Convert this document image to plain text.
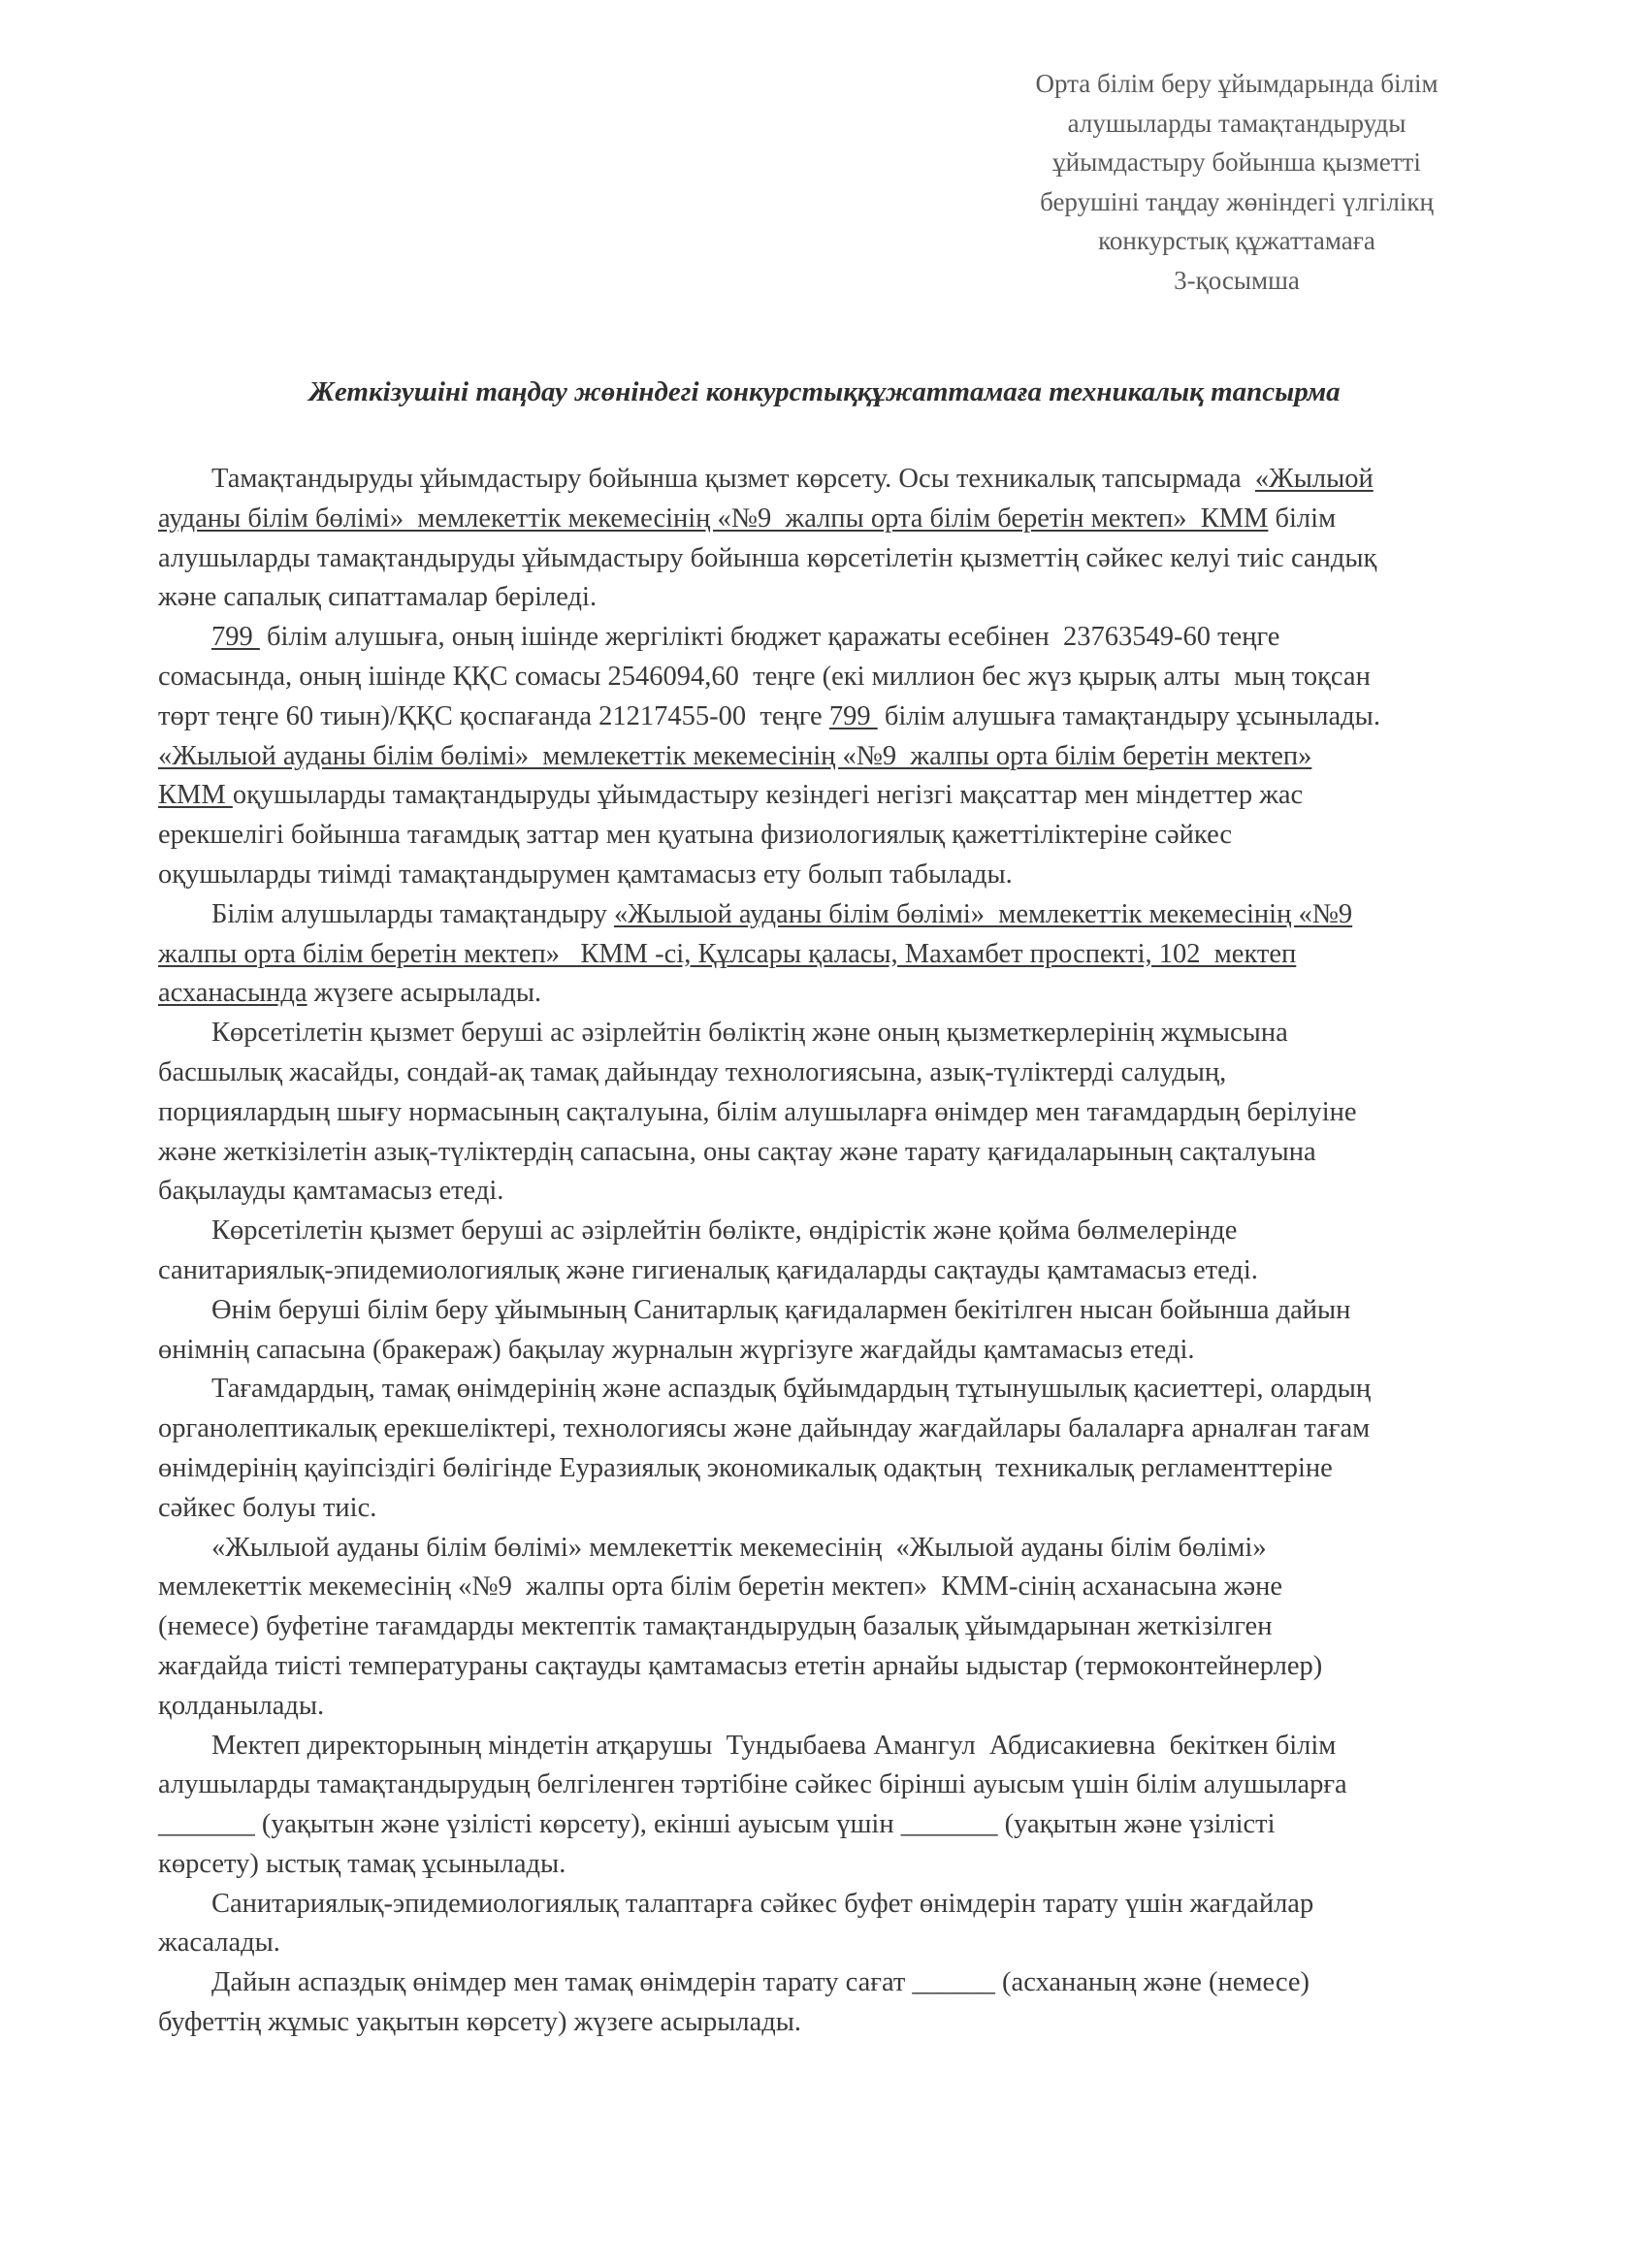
Орта білім беру ұйымдарында білім
алушыларды тамақтандыруды
ұйымдастыру бойынша қызметті
берушіні таңдау жөніндегі үлгілікң
конкурстық құжаттамаға
3-қосымша
Жеткізушіні таңдау жөніндегі конкурстыққұжаттамаға техникалық тапсырма
Тамақтандыруды ұйымдастыру бойынша қызмет көрсету. Осы техникалық тапсырмада  «Жылыой
ауданы білім бөлімі»  мемлекеттік мекемесінің «№9  жалпы орта білім беретін мектеп»  КММ білім
алушыларды тамақтандыруды ұйымдастыру бойынша көрсетілетін қызметтің сәйкес келуі тиіс сандық
және сапалық сипаттамалар беріледі.
799  білім алушыға, оның ішінде жергілікті бюджет қаражаты есебінен  23763549-60 теңге
сомасында, оның ішінде ҚҚС сомасы 2546094,60  теңге (екі миллион бес жүз қырық алты  мың тоқсан
төрт теңге 60 тиын)/ҚҚС қоспағанда 21217455-00  теңге 799  білім алушыға тамақтандыру ұсынылады.
«Жылыой ауданы білім бөлімі»  мемлекеттік мекемесінің «№9  жалпы орта білім беретін мектеп»
КММ оқушыларды тамақтандыруды ұйымдастыру кезіндегі негізгі мақсаттар мен міндеттер жас
ерекшелігі бойынша тағамдық заттар мен қуатына физиологиялық қажеттіліктеріне сәйкес
оқушыларды тиімді тамақтандырумен қамтамасыз ету болып табылады.
Білім алушыларды тамақтандыру «Жылыой ауданы білім бөлімі»  мемлекеттік мекемесінің «№9
жалпы орта білім беретін мектеп»   КММ -сі, Құлсары қаласы, Махамбет проспекті, 102  мектеп
асханасында жүзеге асырылады.
Көрсетілетін қызмет беруші ас әзірлейтін бөліктің және оның қызметкерлерінің жұмысына
басшылық жасайды, сондай-ақ тамақ дайындау технологиясына, азық-түліктерді салудың,
порциялардың шығу нормасының сақталуына, білім алушыларға өнімдер мен тағамдардың берілуіне
және жеткізілетін азық-түліктердің сапасына, оны сақтау және тарату қағидаларының сақталуына
бақылауды қамтамасыз етеді.
Көрсетілетін қызмет беруші ас әзірлейтін бөлікте, өндірістік және қойма бөлмелерінде
санитариялық-эпидемиологиялық және гигиеналық қағидаларды сақтауды қамтамасыз етеді.
Өнім беруші білім беру ұйымының Санитарлық қағидалармен бекітілген нысан бойынша дайын
өнімнің сапасына (бракераж) бақылау журналын жүргізуге жағдайды қамтамасыз етеді.
Тағамдардың, тамақ өнімдерінің және аспаздық бұйымдардың тұтынушылық қасиеттері, олардың
органолептикалық ерекшеліктері, технологиясы және дайындау жағдайлары балаларға арналған тағам
өнімдерінің қауіпсіздігі бөлігінде Еуразиялық экономикалық одақтың  техникалық регламенттеріне
сәйкес болуы тиіс.
«Жылыой ауданы білім бөлімі» мемлекеттік мекемесінің  «Жылыой ауданы білім бөлімі»
мемлекеттік мекемесінің «№9  жалпы орта білім беретін мектеп»  КММ-сінің асханасына және
(немесе) буфетіне тағамдарды мектептік тамақтандырудың базалық ұйымдарынан жеткізілген
жағдайда тиісті температураны сақтауды қамтамасыз ететін арнайы ыдыстар (термоконтейнерлер)
қолданылады.
Мектеп директорының міндетін атқарушы  Тундыбаева Амангул  Абдисакиевна  бекіткен білім
алушыларды тамақтандырудың белгіленген тәртібіне сәйкес бірінші ауысым үшін білім алушыларға
_______ (уақытын және үзілісті көрсету), екінші ауысым үшін _______ (уақытын және үзілісті
көрсету) ыстық тамақ ұсынылады.
Санитариялық-эпидемиологиялық талаптарға сәйкес буфет өнімдерін тарату үшін жағдайлар
жасалады.
Дайын аспаздық өнімдер мен тамақ өнімдерін тарату сағат ______ (асхананың және (немесе)
буфеттің жұмыс уақытын көрсету) жүзеге асырылады.
